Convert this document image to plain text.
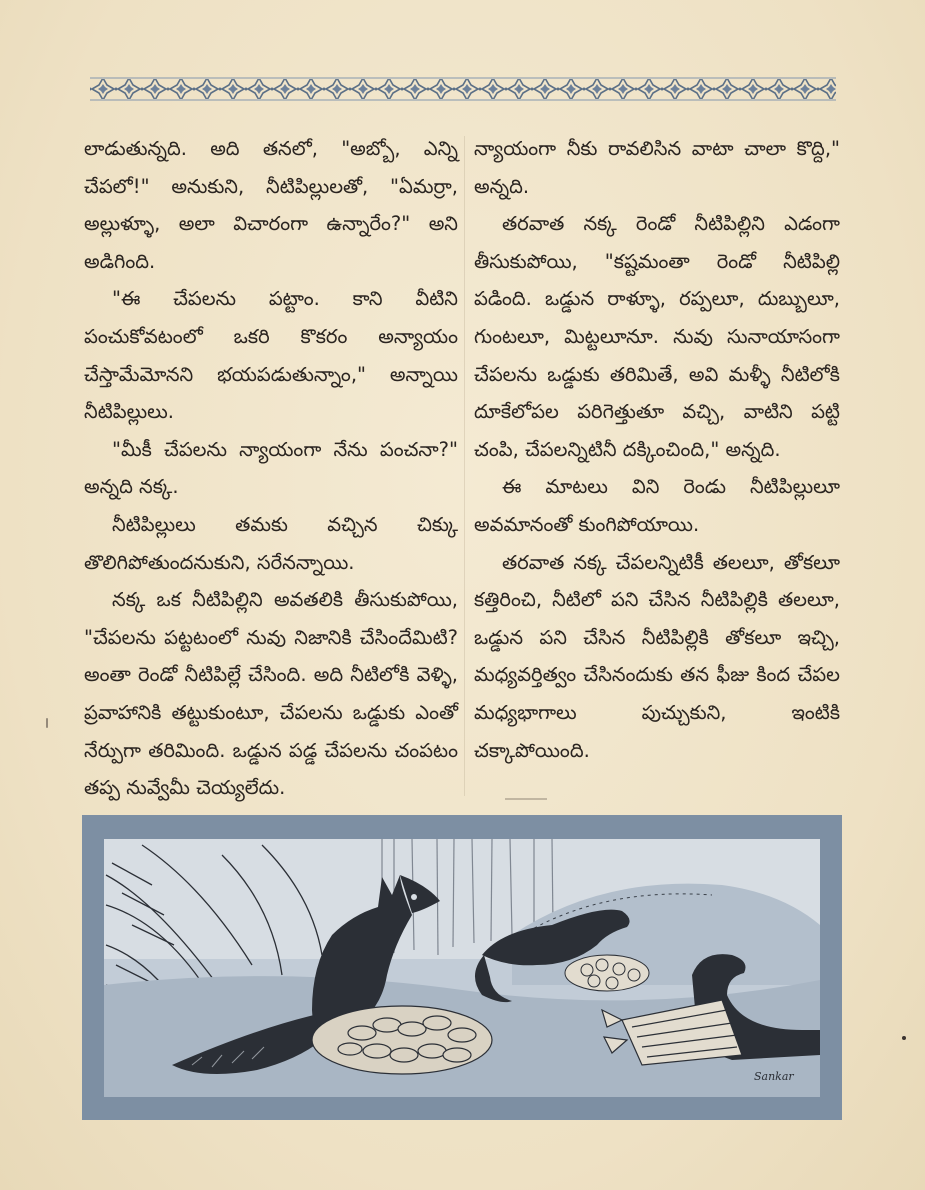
లాడుతున్నది. అది తనలో, "అబ్బో, ఎన్ని చేపలో!" అనుకుని, నీటిపిల్లులతో, "ఏమర్రా, అల్లుళ్ళూ, అలా విచారంగా ఉన్నారేం?" అని అడిగింది.

"ఈ చేపలను పట్టాం. కాని వీటిని పంచుకోవటంలో ఒకరి కొకరం అన్యాయం చేస్తామేమోనని భయపడుతున్నాం," అన్నాయి నీటిపిల్లులు.

"మీకీ చేపలను న్యాయంగా నేను పంచనా?" అన్నది నక్క.

నీటిపిల్లులు తమకు వచ్చిన చిక్కు తొలిగిపోతుందనుకుని, సరేనన్నాయి.

నక్క ఒక నీటిపిల్లిని అవతలికి తీసుకుపోయి, "చేపలను పట్టటంలో నువు నిజానికి చేసిందేమిటి? అంతా రెండో నీటిపిల్లే చేసింది. అది నీటిలోకి వెళ్ళి, ప్రవాహానికి తట్టుకుంటూ, చేపలను ఒడ్డుకు ఎంతో నేర్పుగా తరిమింది. ఒడ్డున పడ్డ చేపలను చంపటం తప్ప నువ్వేమీ చెయ్యలేదు.

న్యాయంగా నీకు రావలిసిన వాటా చాలా కొద్ది," అన్నది.

తరవాత నక్క రెండో నీటిపిల్లిని ఎడంగా తీసుకుపోయి, "కష్టమంతా రెండో నీటిపిల్లి పడింది. ఒడ్డున రాళ్ళూ, రప్పలూ, దుబ్బులూ, గుంటలూ, మిట్టలూనూ. నువు సునాయాసంగా చేపలను ఒడ్డుకు తరిమితే, అవి మళ్ళీ నీటిలోకి దూకేలోపల పరిగెత్తుతూ వచ్చి, వాటిని పట్టి చంపి, చేపలన్నిటినీ దక్కించింది," అన్నది.

ఈ మాటలు విని రెండు నీటిపిల్లులూ అవమానంతో కుంగిపోయాయి.

తరవాత నక్క చేపలన్నిటికీ తలలూ, తోకలూ కత్తిరించి, నీటిలో పని చేసిన నీటిపిల్లికి తలలూ, ఒడ్డున పని చేసిన నీటిపిల్లికి తోకలూ ఇచ్చి, మధ్యవర్తిత్వం చేసినందుకు తన ఫీజు కింద చేపల మధ్యభాగాలు పుచ్చుకుని, ఇంటికి చక్కాపోయింది.

Sankar
